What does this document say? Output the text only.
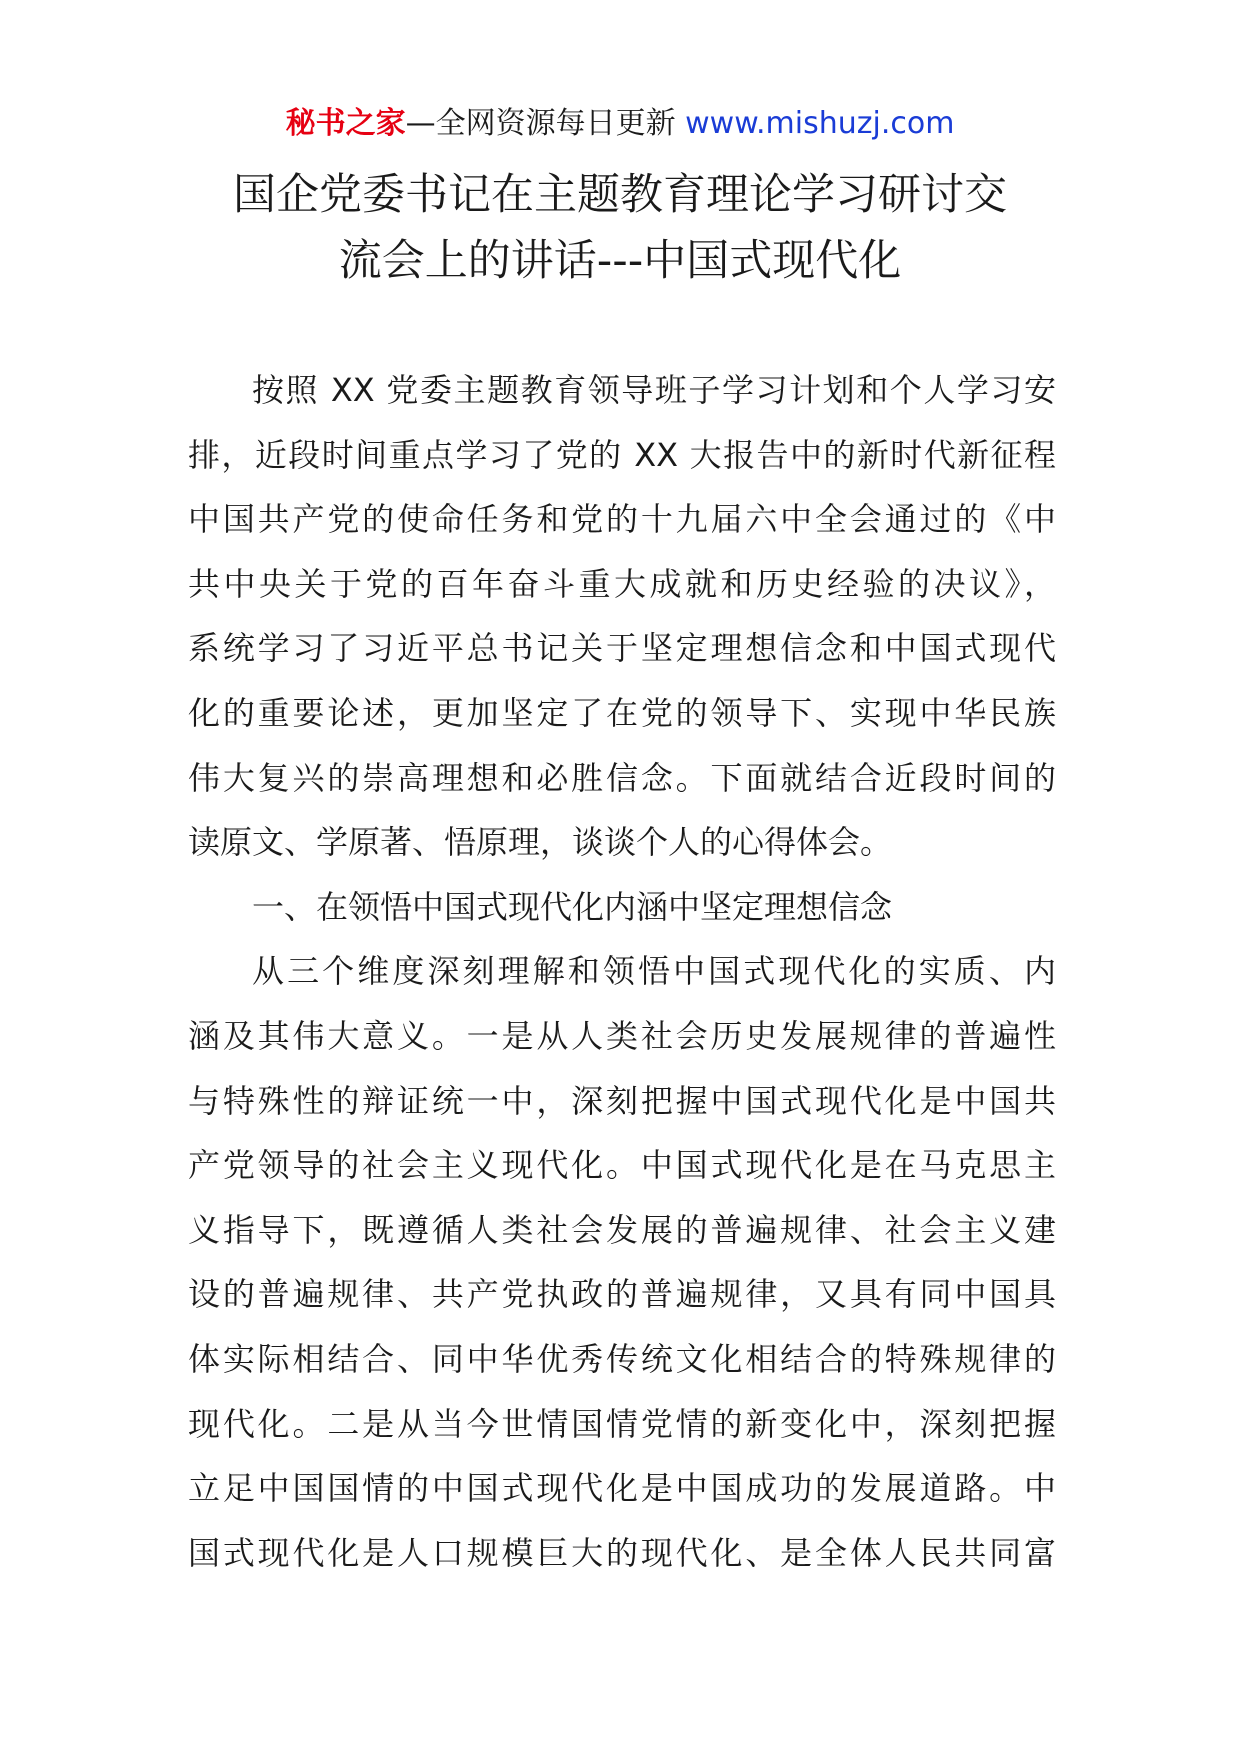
秘书之家—全网资源每日更新 www.mishuzj.com
国企党委书记在主题教育理论学习研讨交
流会上的讲话---中国式现代化
按照 XX 党委主题教育领导班子学习计划和个人学习安
排，近段时间重点学习了党的 XX 大报告中的新时代新征程
中国共产党的使命任务和党的十九届六中全会通过的《中
共中央关于党的百年奋斗重大成就和历史经验的决议》，
系统学习了习近平总书记关于坚定理想信念和中国式现代
化的重要论述，更加坚定了在党的领导下、实现中华民族
伟大复兴的崇高理想和必胜信念。下面就结合近段时间的
读原文、学原著、悟原理，谈谈个人的心得体会。
一、在领悟中国式现代化内涵中坚定理想信念
从三个维度深刻理解和领悟中国式现代化的实质、内
涵及其伟大意义。一是从人类社会历史发展规律的普遍性
与特殊性的辩证统一中，深刻把握中国式现代化是中国共
产党领导的社会主义现代化。中国式现代化是在马克思主
义指导下，既遵循人类社会发展的普遍规律、社会主义建
设的普遍规律、共产党执政的普遍规律，又具有同中国具
体实际相结合、同中华优秀传统文化相结合的特殊规律的
现代化。二是从当今世情国情党情的新变化中，深刻把握
立足中国国情的中国式现代化是中国成功的发展道路。中
国式现代化是人口规模巨大的现代化、是全体人民共同富
